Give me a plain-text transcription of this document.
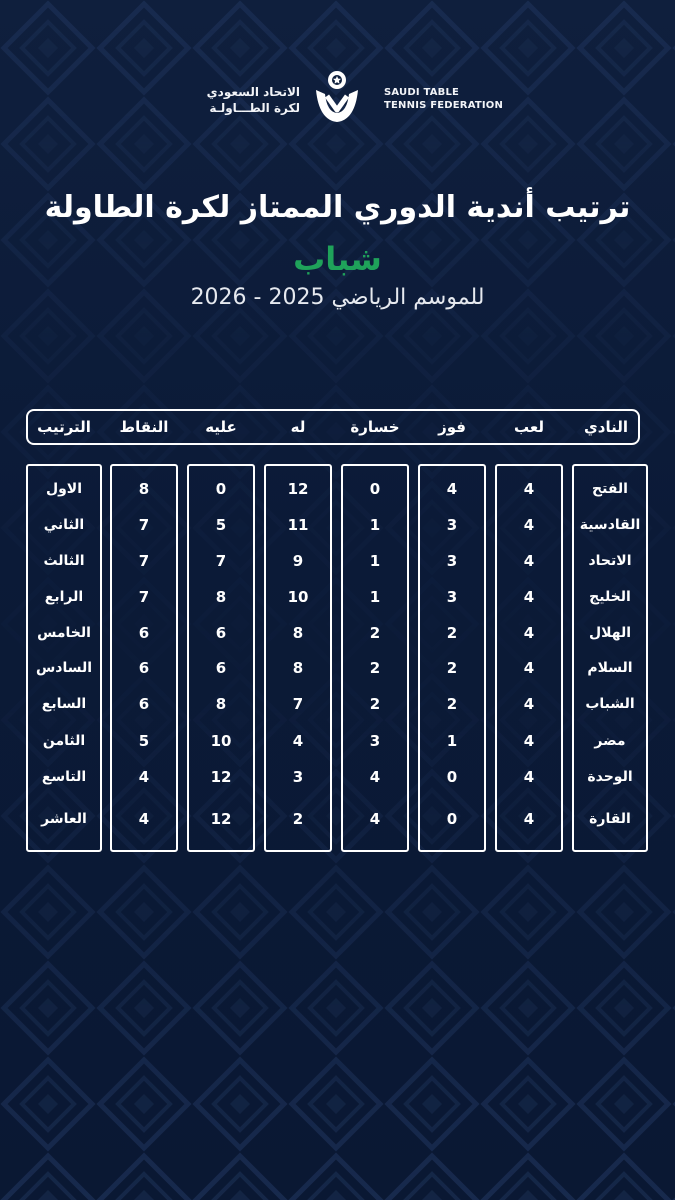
الاتحاد السعودي
لكرة الطـــاولـة
SAUDI TABLE
TENNIS FEDERATION
ترتيب أندية الدوري الممتاز لكرة الطاولة
شباب
للموسم الرياضي 2025 - 2026
النادي
لعب
فوز
خسارة
له
عليه
النقاط
الترتيب
الفتح
4
4
0
12
0
8
الاول
القادسية
4
3
1
11
5
7
الثاني
الاتحاد
4
3
1
9
7
7
الثالث
الخليج
4
3
1
10
8
7
الرابع
الهلال
4
2
2
8
6
6
الخامس
السلام
4
2
2
8
6
6
السادس
الشباب
4
2
2
7
8
6
السابع
مضر
4
1
3
4
10
5
الثامن
الوحدة
4
0
4
3
12
4
التاسع
القارة
4
0
4
2
12
4
العاشر
